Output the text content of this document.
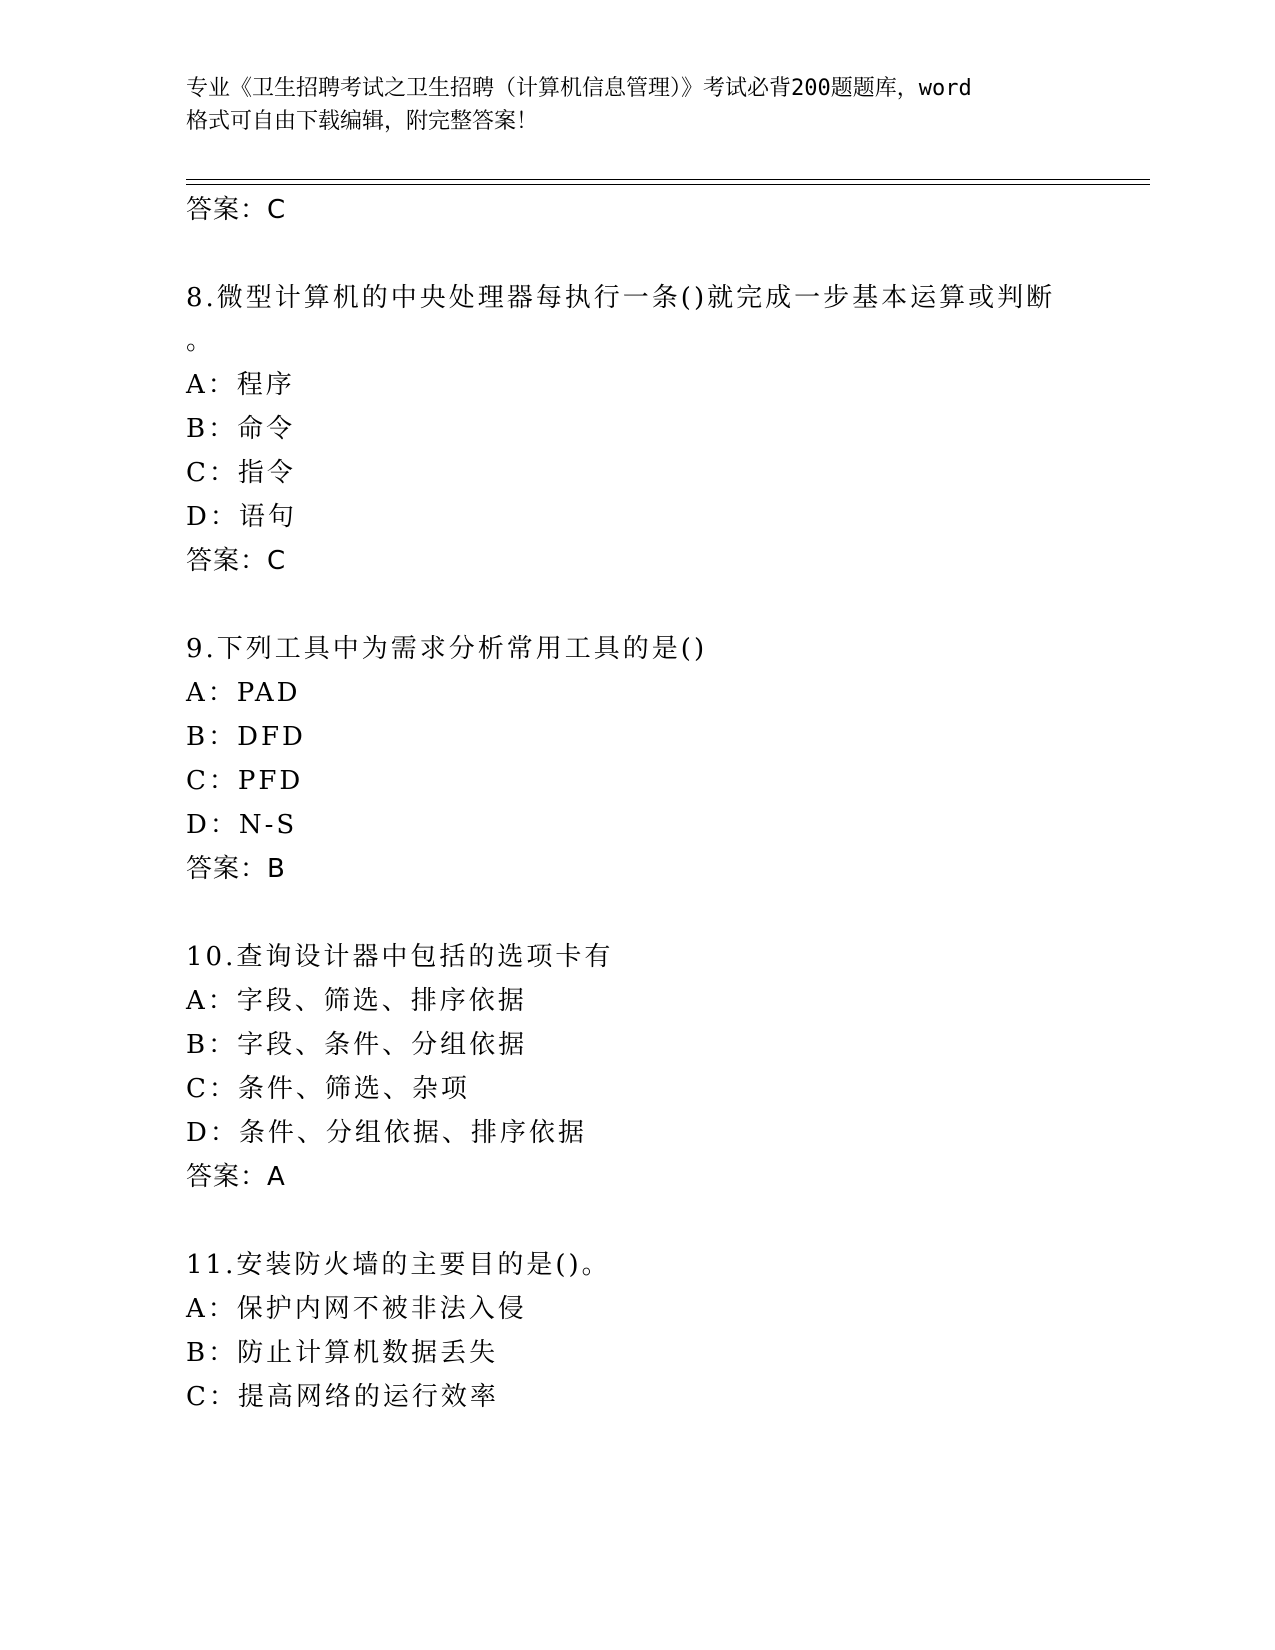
专业《卫生招聘考试之卫生招聘（计算机信息管理）》考试必背200题题库，word
格式可自由下载编辑，附完整答案！
答案：C
8.微型计算机的中央处理器每执行一条()就完成一步基本运算或判断
。
A：程序
B：命令
C：指令
D：语句
答案：C
9.下列工具中为需求分析常用工具的是()
A：PAD
B：DFD
C：PFD
D：N-S
答案：B
10.查询设计器中包括的选项卡有
A：字段、筛选、排序依据
B：字段、条件、分组依据
C：条件、筛选、杂项
D：条件、分组依据、排序依据
答案：A
11.安装防火墙的主要目的是()。
A：保护内网不被非法入侵
B：防止计算机数据丢失
C：提高网络的运行效率
